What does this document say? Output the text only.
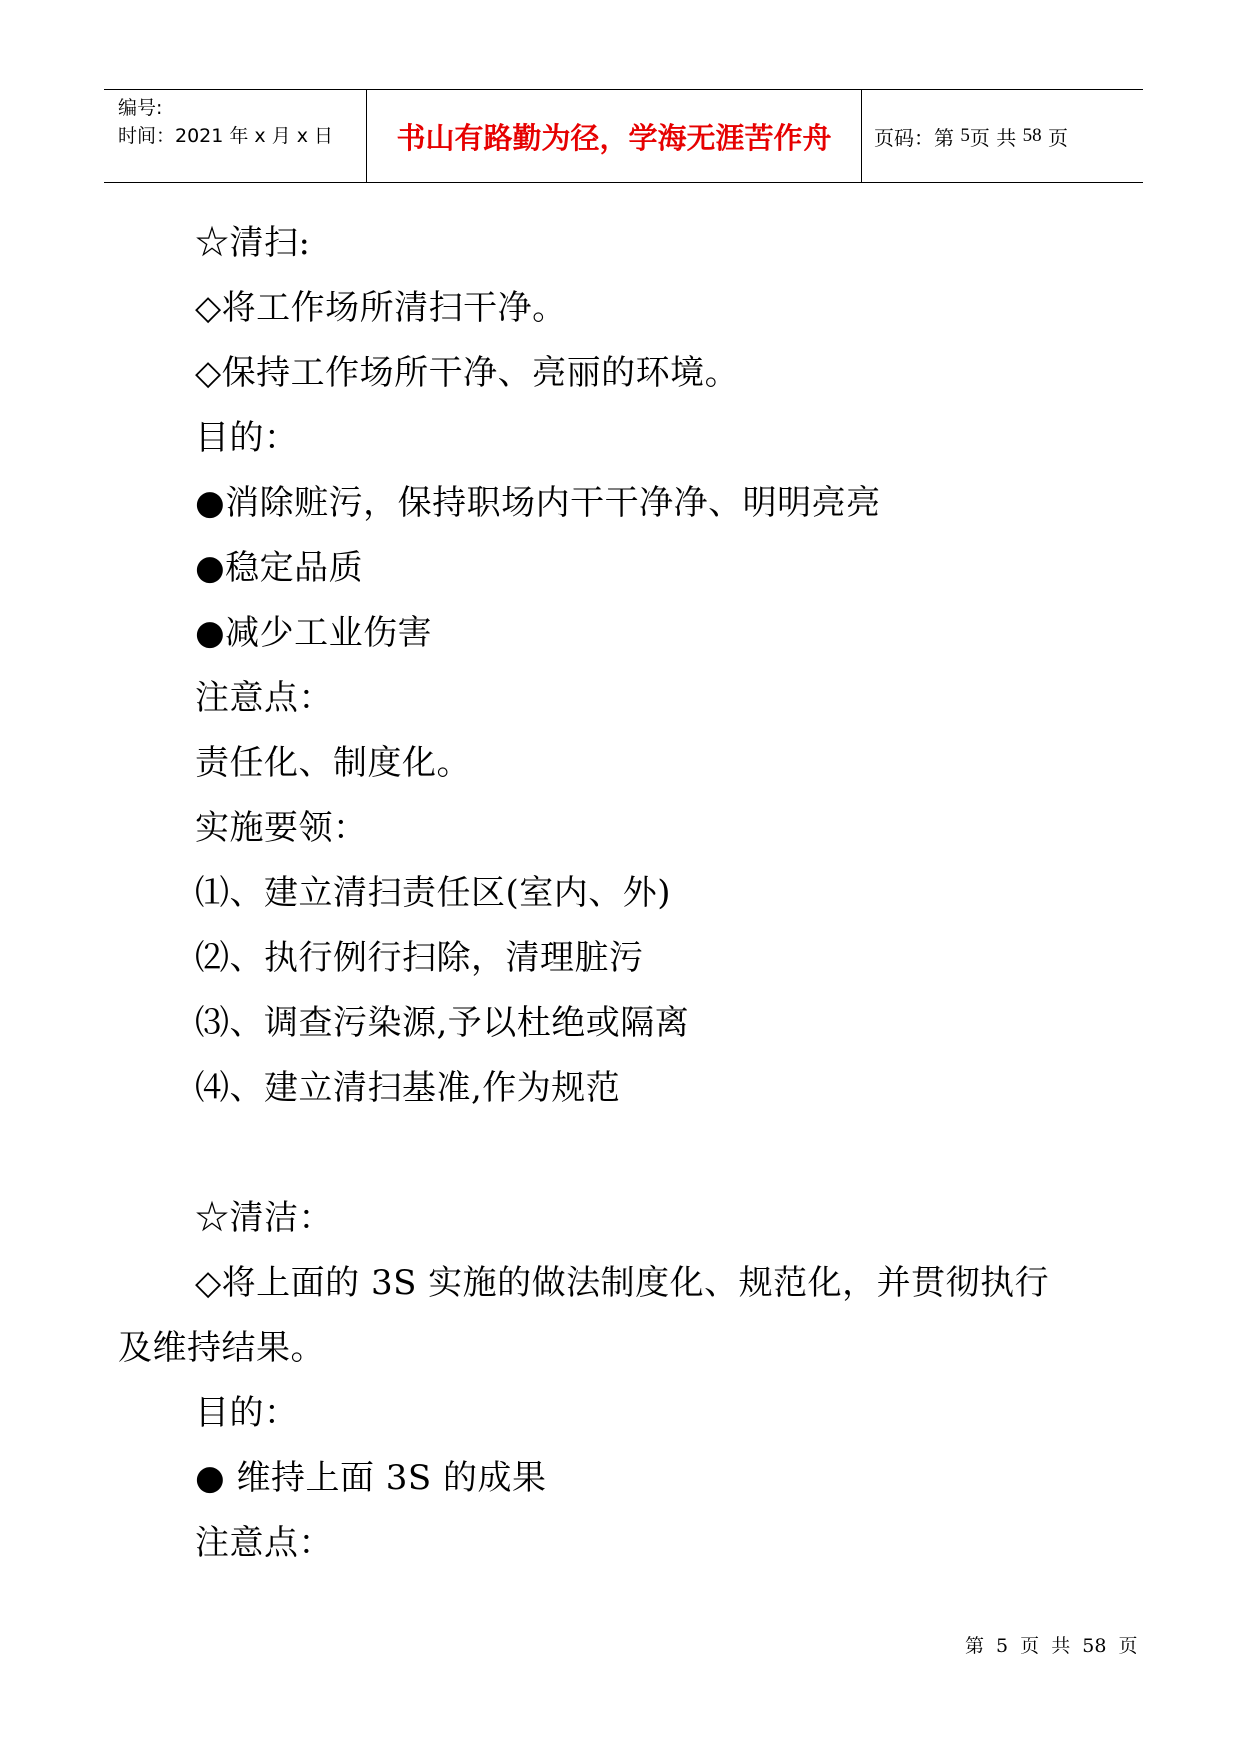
编号:
时间：2021 年 x 月 x 日	书山有路勤为径，学海无涯苦作舟 页码：第
5 页 共
58
页
☆清扫:
◇将工作场所清扫干净。
◇保持工作场所干净、亮丽的环境。
目的：
●消除赃污，保持职场内干干净净、明明亮亮
●稳定品质
●减少工业伤害
注意点：
责任化、制度化。
实施要领：
⑴、建立清扫责任区(室内、外)
⑵、执行例行扫除，清理脏污
⑶、调查污染源,予以杜绝或隔离
⑷、建立清扫基准,作为规范
☆清洁：
◇将上面的 3S 实施的做法制度化、规范化，并贯彻执行
及维持结果。
目的：
● 维持上面 3S 的成果
注意点：
第 5 页 共 58 页
